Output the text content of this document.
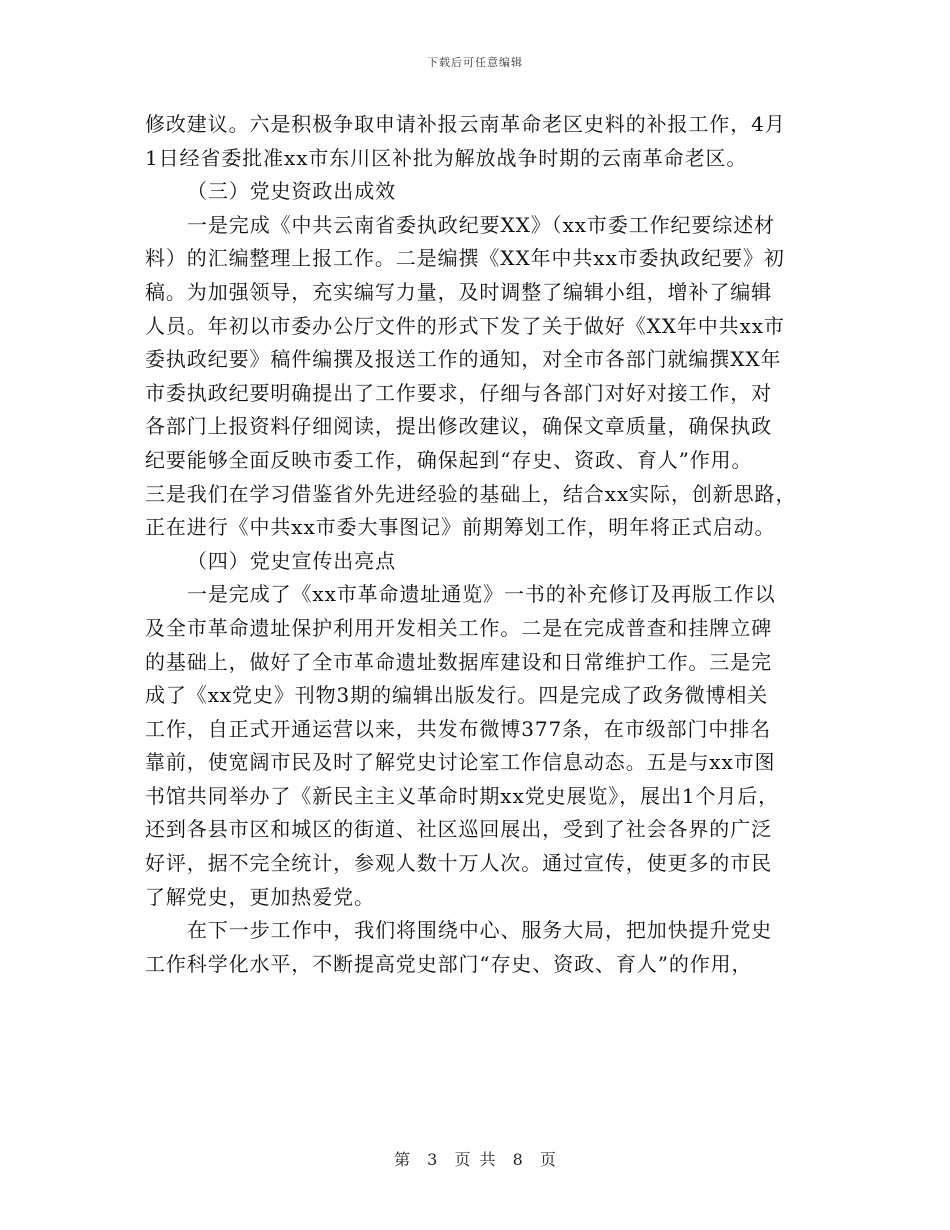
下载后可任意编辑
修改建议。六是积极争取申请补报云南革命老区史料的补报工作，4月
1日经省委批准xx市东川区补批为解放战争时期的云南革命老区。
（三）党史资政出成效
一是完成《中共云南省委执政纪要XX》（xx市委工作纪要综述材
料）的汇编整理上报工作。二是编撰《XX年中共xx市委执政纪要》初
稿。为加强领导，充实编写力量，及时调整了编辑小组，增补了编辑
人员。年初以市委办公厅文件的形式下发了关于做好《XX年中共xx市
委执政纪要》稿件编撰及报送工作的通知，对全市各部门就编撰XX年
市委执政纪要明确提出了工作要求，仔细与各部门对好对接工作，对
各部门上报资料仔细阅读，提出修改建议，确保文章质量，确保执政
纪要能够全面反映市委工作，确保起到“存史、资政、育人”作用。
三是我们在学习借鉴省外先进经验的基础上，结合xx实际，创新思路，
正在进行《中共xx市委大事图记》前期筹划工作，明年将正式启动。
（四）党史宣传出亮点
一是完成了《xx市革命遗址通览》一书的补充修订及再版工作以
及全市革命遗址保护利用开发相关工作。二是在完成普查和挂牌立碑
的基础上，做好了全市革命遗址数据库建设和日常维护工作。三是完
成了《xx党史》刊物3期的编辑出版发行。四是完成了政务微博相关
工作，自正式开通运营以来，共发布微博377条，在市级部门中排名
靠前，使宽阔市民及时了解党史讨论室工作信息动态。五是与xx市图
书馆共同举办了《新民主主义革命时期xx党史展览》，展出1个月后，
还到各县市区和城区的街道、社区巡回展出，受到了社会各界的广泛
好评，据不完全统计，参观人数十万人次。通过宣传，使更多的市民
了解党史，更加热爱党。
在下一步工作中，我们将围绕中心、服务大局，把加快提升党史
工作科学化水平，不断提高党史部门“存史、资政、育人”的作用，
第 3 页 共 8 页
